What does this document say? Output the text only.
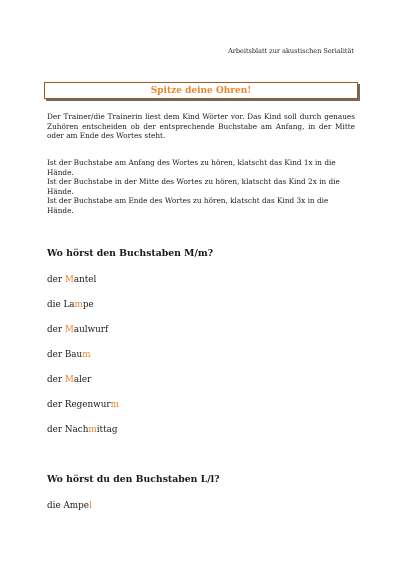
Arbeitsblatt zur akustischen Serialität
Spitze deine Ohren!

Der Trainer/die Trainerin liest dem Kind Wörter vor. Das Kind soll durch genaues Zuhören entscheiden ob der entsprechende Buchstabe am Anfang, in der Mitte oder am Ende des Wortes steht.

Ist der Buchstabe am Anfang des Wortes zu hören, klatscht das Kind 1x in die Hände.

Ist der Buchstabe in der Mitte des Wortes zu hören, klatscht das Kind 2x in die Hände.

Ist der Buchstabe am Ende des Wortes zu hören, klatscht das Kind 3x in die Hände.

Wo hörst den Buchstaben M/m?
der Mantel
die Lampe
der Maulwurf
der Baum
der Maler
der Regenwurm
der Nachmittag
Wo hörst du den Buchstaben L/l?
die Ampel
